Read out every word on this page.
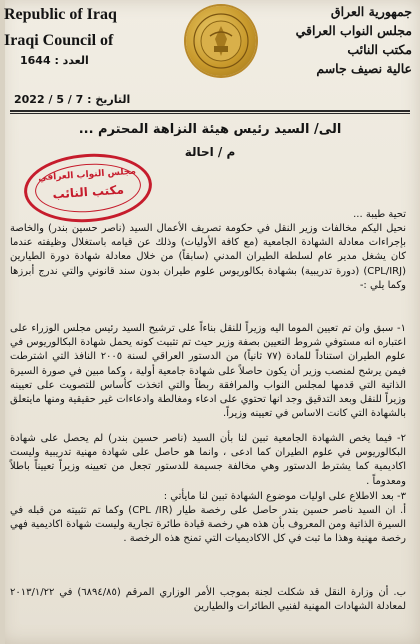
Republic of Iraq
Iraqi Council of
جمهورية العراق
مجلس النواب العراقي
مكتب النائب
عالية نصيف جاسم
العدد : 1644
التاريخ : 7 / 5 / 2022
الى/ السيد رئيس هيئة النزاهة المحترم ...
م / احالة
مجلس النواب العراقي
مكتب النائب

تحية طيبة ...

نحيل اليكم مخالفات وزير النقل في حكومة تصريف الأعمال السيد (ناصر حسين بندر) والخاصة بإجراءات معادلة الشهادة الجامعية (مع كافة الأوليات) وذلك عن قيامه باستغلال وظيفته عندما كان يشغل مدير عام لسلطة الطيران المدني (سابقاً) من خلال معادلة شهادة دورة الطيارين (CPL/IRJ) (دورة تدريبية) بشهادة بكالوريوس علوم طيران بدون سند قانوني والتي ندرج أبرزها وكما يلي :-

١- سبق وان تم تعيين الموما اليه وزيراً للنقل بناءاً على ترشيح السيد رئيس مجلس الوزراء على اعتباره انه مستوفي شروط التعيين بصفة وزير حيث تم تثبيت كونه يحمل شهادة البكالوريوس في علوم الطيران استناداً للمادة (٧٧ ثانياً) من الدستور العراقي لسنة ٢٠٠٥ النافذ التي اشترطت فيمن يرشح لمنصب وزير أن يكون حاصلاً على شهادة جامعية أولية ، وكما مبين في صورة السيرة الذاتية التي قدمها لمجلس النواب والمرافقة ربطاً والتي اتخذت كأساس للتصويت على تعيينه وزيراً للنقل وبعد التدقيق وجد انها تحتوي على ادعاء ومغالطة وادعاءات غير حقيقية ومنها مايتعلق بالشهادة التي كانت الاساس في تعيينه وزيراً.

٢- فيما يخص الشهادة الجامعية تبين لنا بأن السيد (ناصر حسين بندر) لم يحصل على شهادة البكالوريوس في علوم الطيران كما ادعى ، وانما هو حاصل على شهادة مهنية تدريبية وليست اكاديمية كما يشترط الدستور وهي مخالفة جسيمة للدستور تجعل من تعيينه وزيراً تعييناً باطلاً ومعدوماً .

٣- بعد الاطلاع على اوليات موضوع الشهادة تبين لنا مايأتي :

أ. ان السيد ناصر حسين بندر حاصل على رخصة طيار (CPL /IR) وكما تم تثبيته من قبله في السيرة الذاتية ومن المعروف بأن هذه هي رخصة قيادة طائرة تجارية وليست شهادة اكاديمية فهي رخصة مهنية وهذا ما ثبت في كل الاكاديميات التي تمنح هذه الرخصة .

ب. أن وزارة النقل قد شكلت لجنة بموجب الأمر الوزاري المرقم (٦٨٩٤/٨٥) في ٢٠١٣/١/٢٢ لمعادلة الشهادات المهنية لفنيي الطائرات والطيارين
